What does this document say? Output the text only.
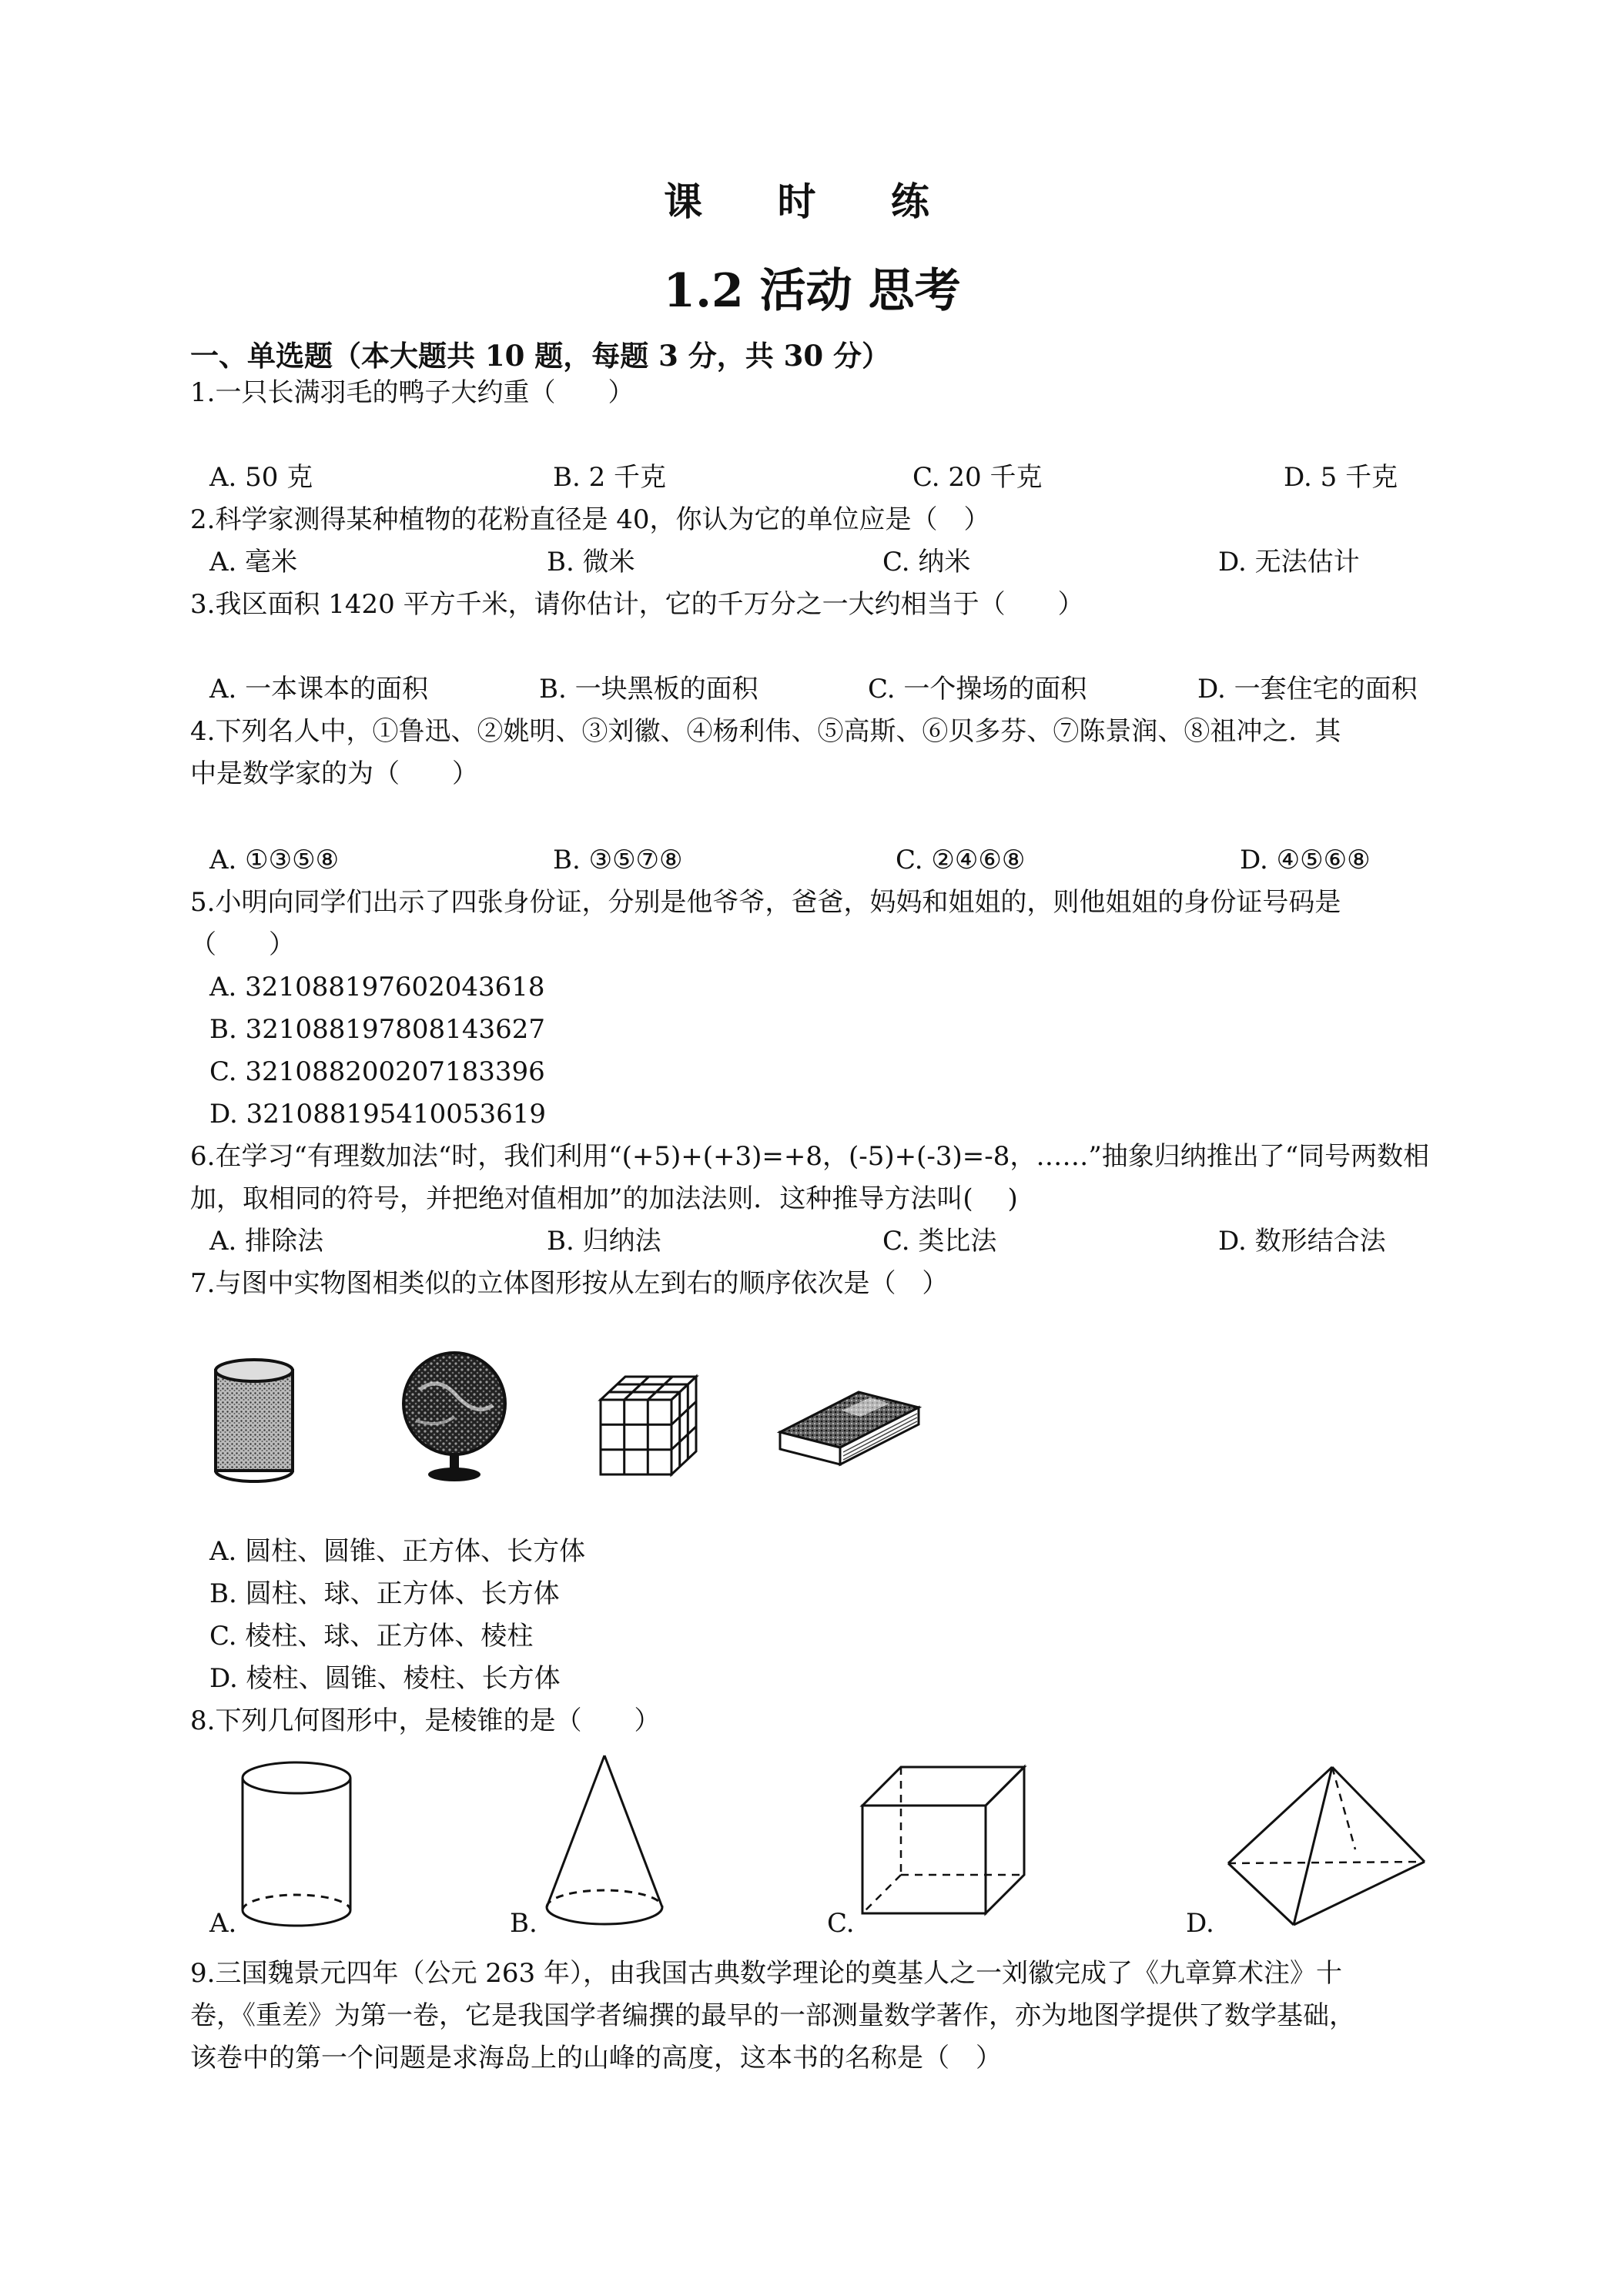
课 时 练
1.2 活动 思考
一、单选题（本大题共 10 题，每题 3 分，共 30 分）
1.一只长满羽毛的鸭子大约重（　　）
A. 50 克	B. 2 千克	C. 20 千克	D. 5 千克
2.科学家测得某种植物的花粉直径是 40，你认为它的单位应是（　）
A. 毫米	B. 微米	C. 纳米	D. 无法估计
3.我区面积 1420 平方千米，请你估计，它的千万分之一大约相当于（　　）
A. 一本课本的面积	B. 一块黑板的面积	C. 一个操场的面积	D. 一套住宅的面积
4.下列名人中，①鲁迅、②姚明、③刘徽、④杨利伟、⑤高斯、⑥贝多芬、⑦陈景润、⑧祖冲之．其
中是数学家的为（　　）
A. ①③⑤⑧	B. ③⑤⑦⑧	C. ②④⑥⑧	D. ④⑤⑥⑧
5.小明向同学们出示了四张身份证，分别是他爷爷，爸爸，妈妈和姐姐的，则他姐姐的身份证号码是
（　　）
A. 321088197602043618
B. 321088197808143627
C. 321088200207183396
D. 321088195410053619
6.在学习“有理数加法“时，我们利用“(+5)+(+3)=+8，(-5)+(-3)=-8，……”抽象归纳推出了“同号两数相
加，取相同的符号，并把绝对值相加”的加法法则．这种推导方法叫(　 )
A. 排除法	B. 归纳法	C. 类比法	D. 数形结合法
7.与图中实物图相类似的立体图形按从左到右的顺序依次是（　）
A. 圆柱、圆锥、正方体、长方体
B. 圆柱、球、正方体、长方体
C. 棱柱、球、正方体、棱柱
D. 棱柱、圆锥、棱柱、长方体
8.下列几何图形中，是棱锥的是（　　）
A.	B.	C.	D.
9.三国魏景元四年（公元 263 年），由我国古典数学理论的奠基人之一刘徽完成了《九章算术注》十
卷，《重差》为第一卷，它是我国学者编撰的最早的一部测量数学著作，亦为地图学提供了数学基础，
该卷中的第一个问题是求海岛上的山峰的高度，这本书的名称是（　）
